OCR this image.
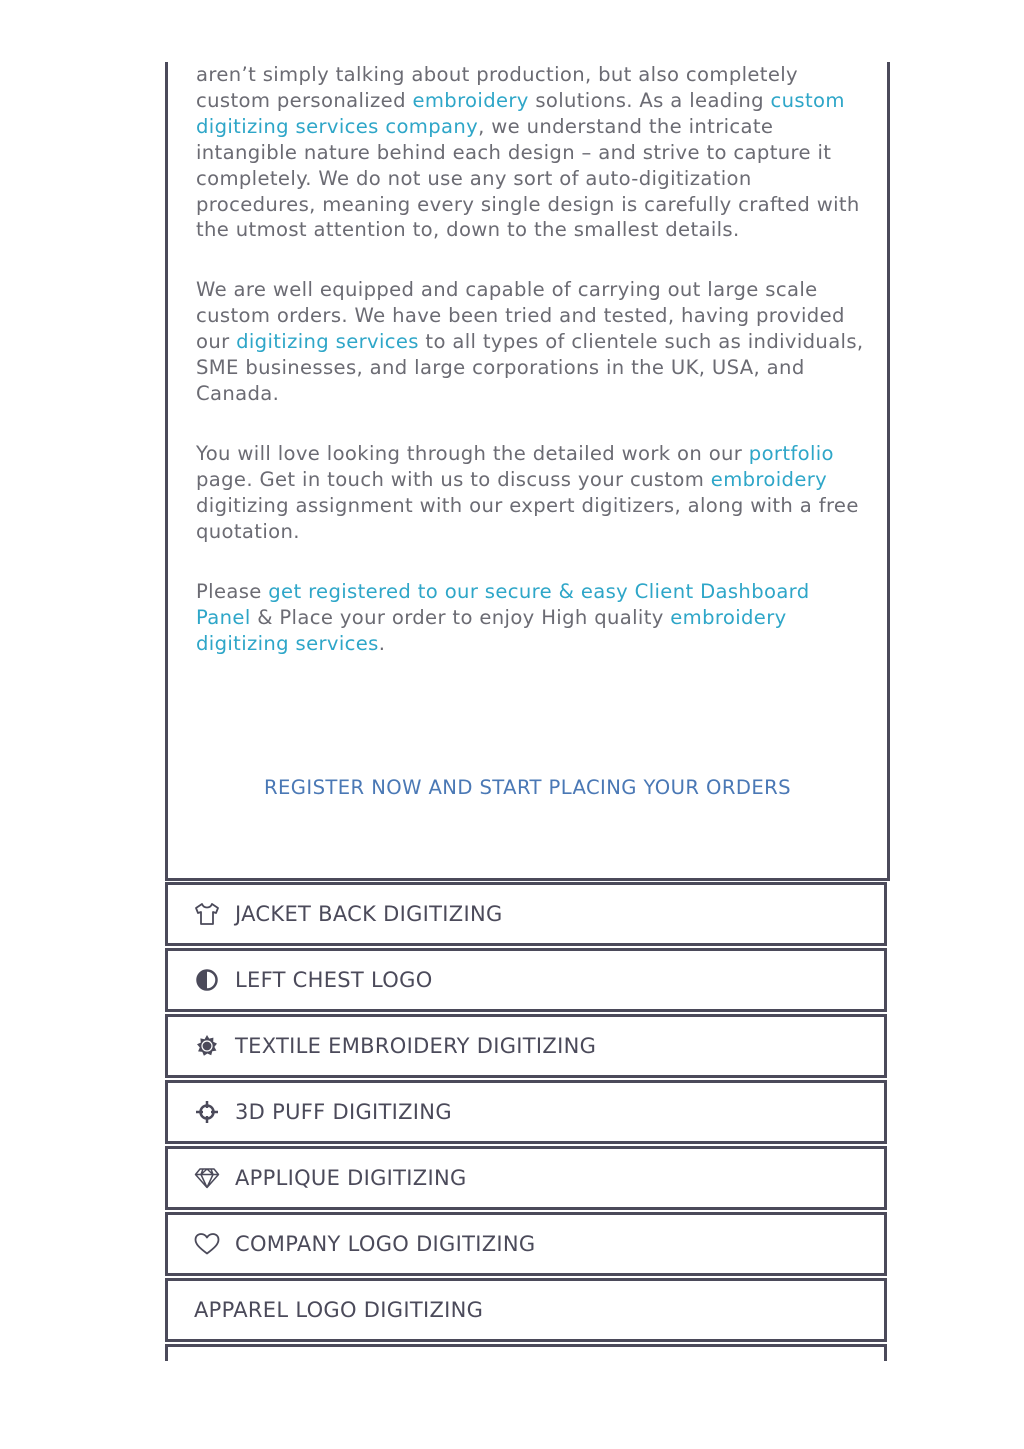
aren’t simply talking about production, but also completely custom personalized embroidery solutions. As a leading custom digitizing services company, we understand the intricate intangible nature behind each design – and strive to capture it completely. We do not use any sort of auto-digitization procedures, meaning every single design is carefully crafted with the utmost attention to, down to the smallest details.

We are well equipped and capable of carrying out large scale custom orders. We have been tried and tested, having provided our digitizing services to all types of clientele such as individuals, SME businesses, and large corporations in the UK, USA, and Canada.

You will love looking through the detailed work on our portfolio page. Get in touch with us to discuss your custom embroidery digitizing assignment with our expert digitizers, along with a free quotation.

Please get registered to our secure & easy Client Dashboard Panel & Place your order to enjoy High quality embroidery digitizing services.

REGISTER NOW AND START PLACING YOUR ORDERS
JACKET BACK DIGITIZING
LEFT CHEST LOGO
TEXTILE EMBROIDERY DIGITIZING
3D PUFF DIGITIZING
APPLIQUE DIGITIZING
COMPANY LOGO DIGITIZING
APPAREL LOGO DIGITIZING
